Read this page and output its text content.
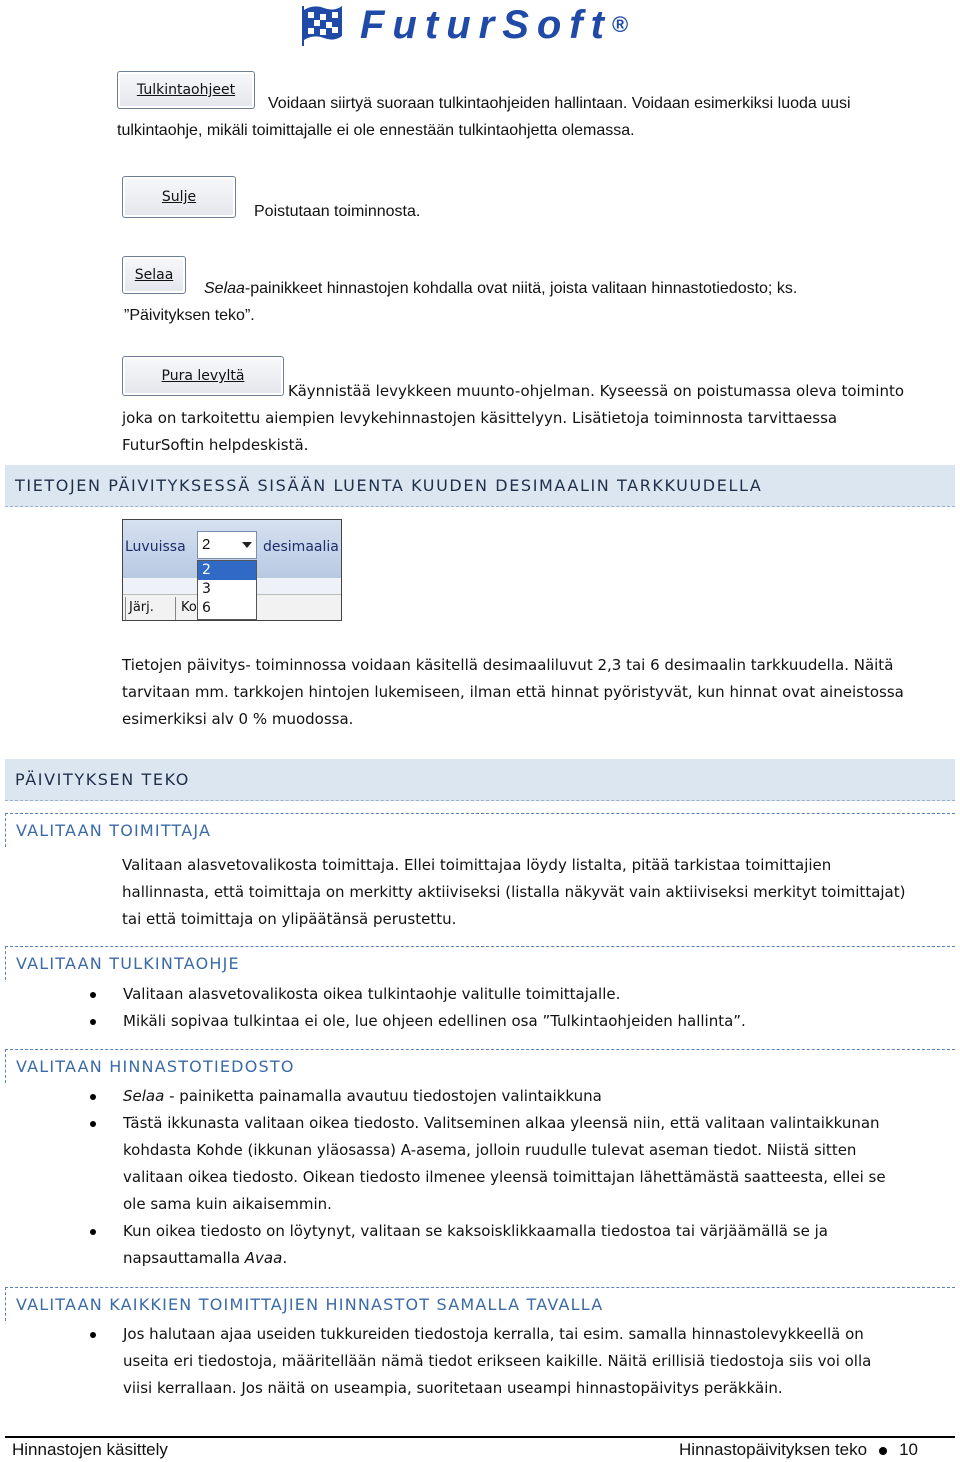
FuturSoft®
Tulkintaohjeet
Voidaan siirtyä suoraan tulkintaohjeiden hallintaan. Voidaan esimerkiksi luoda uusi
tulkintaohje, mikäli toimittajalle ei ole ennestään tulkintaohjetta olemassa.
Sulje
Poistutaan toiminnosta.
Selaa
Selaa-painikkeet hinnastojen kohdalla ovat niitä, joista valitaan hinnastotiedosto; ks.
”Päivityksen teko”.
Pura levyltä
Käynnistää levykkeen muunto-ohjelman. Kyseessä on poistumassa oleva toiminto
joka on tarkoitettu aiempien levykehinnastojen käsittelyyn. Lisätietoja toiminnosta tarvittaessa
FuturSoftin helpdeskistä.
TIETOJEN PÄIVITYKSESSÄ SISÄÄN LUENTA KUUDEN DESIMAALIN TARKKUUDELLA
Luvuissa	2	desimaalia
Järj. Ko
2
3
6
Tietojen päivitys- toiminnossa voidaan käsitellä desimaaliluvut 2,3 tai 6 desimaalin tarkkuudella. Näitä
tarvitaan mm. tarkkojen hintojen lukemiseen, ilman että hinnat pyöristyvät, kun hinnat ovat aineistossa
esimerkiksi alv 0 % muodossa.
PÄIVITYKSEN TEKO
VALITAAN TOIMITTAJA
Valitaan alasvetovalikosta toimittaja. Ellei toimittajaa löydy listalta, pitää tarkistaa toimittajien
hallinnasta, että toimittaja on merkitty aktiiviseksi (listalla näkyvät vain aktiiviseksi merkityt toimittajat)
tai että toimittaja on ylipäätänsä perustettu.
VALITAAN TULKINTAOHJE
Valitaan alasvetovalikosta oikea tulkintaohje valitulle toimittajalle.
Mikäli sopivaa tulkintaa ei ole, lue ohjeen edellinen osa ”Tulkintaohjeiden hallinta”.
VALITAAN HINNASTOTIEDOSTO
Selaa - painiketta painamalla avautuu tiedostojen valintaikkuna
Tästä ikkunasta valitaan oikea tiedosto. Valitseminen alkaa yleensä niin, että valitaan valintaikkunan
kohdasta Kohde (ikkunan yläosassa) A-asema, jolloin ruudulle tulevat aseman tiedot. Niistä sitten
valitaan oikea tiedosto. Oikean tiedosto ilmenee yleensä toimittajan lähettämästä saatteesta, ellei se
ole sama kuin aikaisemmin.
Kun oikea tiedosto on löytynyt, valitaan se kaksoisklikkaamalla tiedostoa tai värjäämällä se ja
napsauttamalla Avaa.
VALITAAN KAIKKIEN TOIMITTAJIEN HINNASTOT SAMALLA TAVALLA
Jos halutaan ajaa useiden tukkureiden tiedostoja kerralla, tai esim. samalla hinnastolevykkeellä on
useita eri tiedostoja, määritellään nämä tiedot erikseen kaikille. Näitä erillisiä tiedostoja siis voi olla
viisi kerrallaan. Jos näitä on useampia, suoritetaan useampi hinnastopäivitys peräkkäin.
Hinnastojen käsittely	Hinnastopäivityksen teko 10
